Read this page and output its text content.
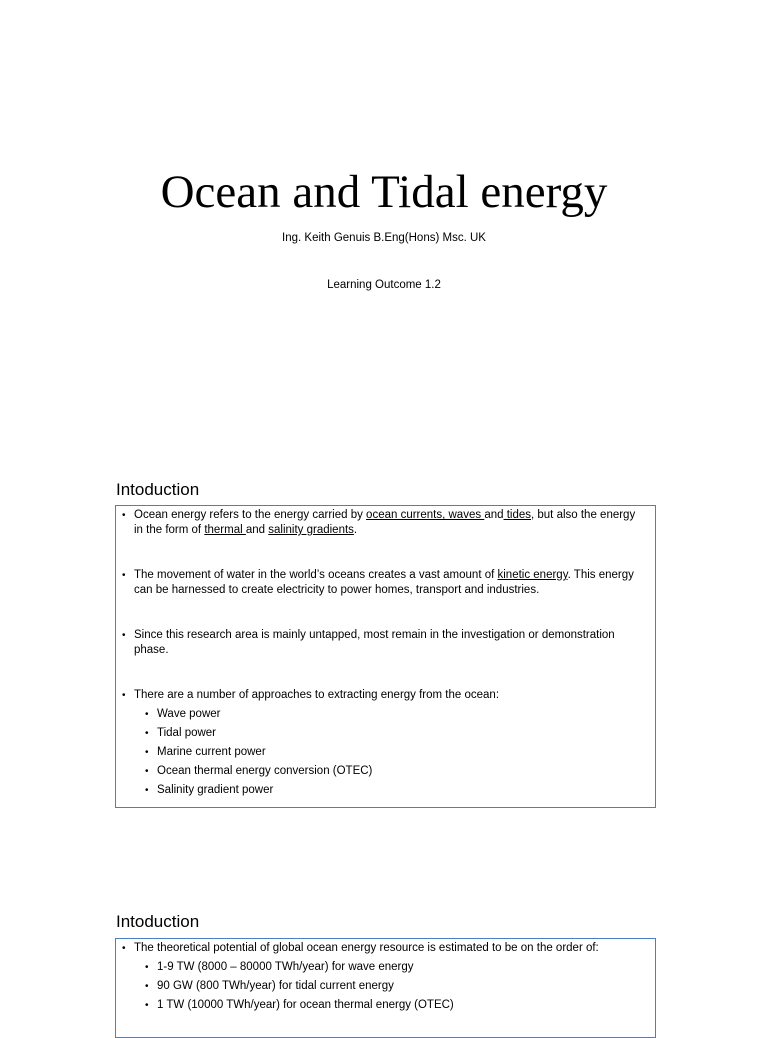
Ocean and Tidal energy

Ing. Keith Genuis B.Eng(Hons) Msc. UK

Learning Outcome 1.2

Intoduction
• Ocean energy refers to the energy carried by ocean currents, waves and tides, but also the energy in the form of thermal and salinity gradients.
• The movement of water in the world’s oceans creates a vast amount of kinetic energy. This energy can be harnessed to create electricity to power homes, transport and industries.
• Since this research area is mainly untapped, most remain in the investigation or demonstration phase.
• There are a number of approaches to extracting energy from the ocean:
• Wave power
• Tidal power
• Marine current power
• Ocean thermal energy conversion (OTEC)
• Salinity gradient power
Intoduction
• The theoretical potential of global ocean energy resource is estimated to be on the order of:
• 1-9 TW (8000 – 80000 TWh/year) for wave energy
• 90 GW (800 TWh/year) for tidal current energy
• 1 TW (10000 TWh/year) for ocean thermal energy (OTEC)
